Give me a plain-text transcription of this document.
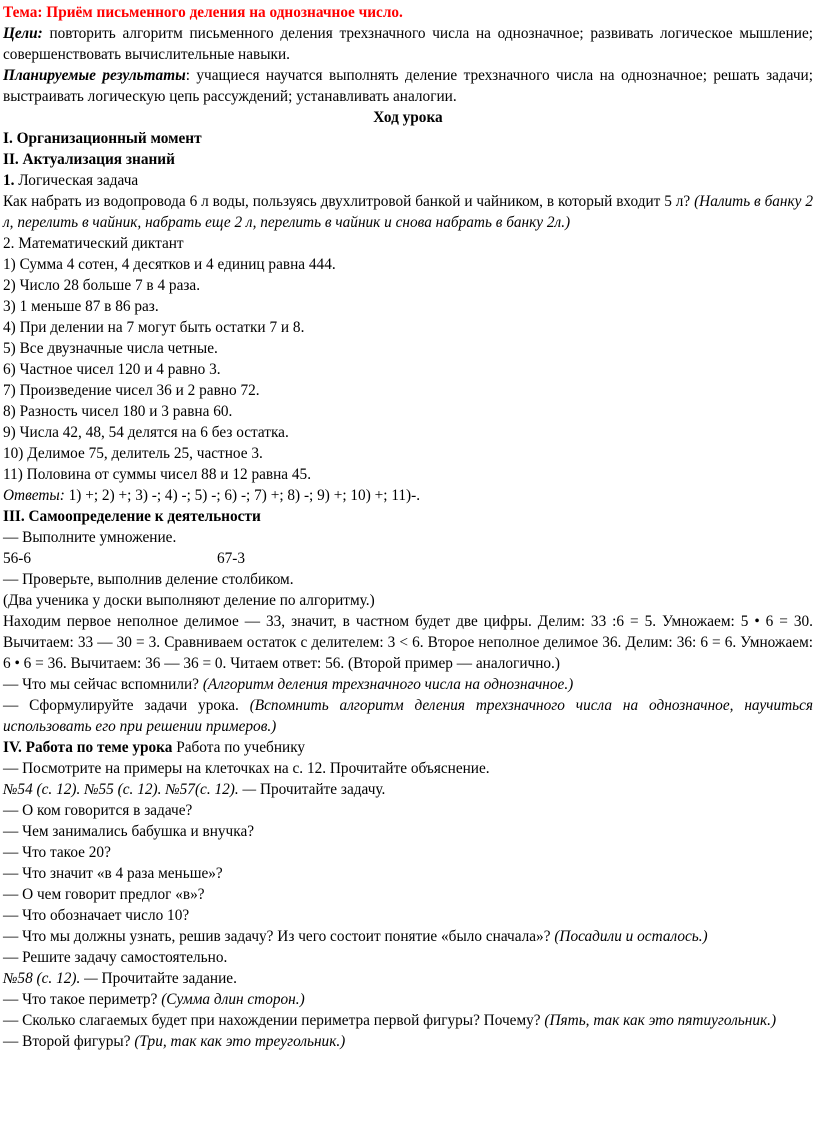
Тема: Приём письменного деления на однозначное число.

Цели: повторить алгоритм письменного деления трехзначного числа на однозначное; развивать логическое мышление; совершенствовать вычислительные навыки.

Планируемые результаты: учащиеся научатся выполнять деление трехзначного числа на однозначное; решать задачи; выстраивать логическую цепь рассуждений; устанавливать аналогии.

Ход урока

I. Организационный момент

II. Актуализация знаний

1. Логическая задача

Как набрать из водопровода 6 л воды, пользуясь двухлитровой банкой и чайником, в который входит 5 л? (Налить в банку 2 л, перелить в чайник, набрать еще 2 л, перелить в чайник и снова набрать в банку 2л.)

2. Математический диктант

1) Сумма 4 сотен, 4 десятков и 4 единиц равна 444.

2) Число 28 больше 7 в 4 раза.

3) 1 меньше 87 в 86 раз.

4) При делении на 7 могут быть остатки 7 и 8.

5) Все двузначные числа четные.

6) Частное чисел 120 и 4 равно 3.

7) Произведение чисел 36 и 2 равно 72.

8) Разность чисел 180 и 3 равна 60.

9) Числа 42, 48, 54 делятся на 6 без остатка.

10) Делимое 75, делитель 25, частное 3.

11) Половина от суммы чисел 88 и 12 равна 45.

Ответы: 1) +; 2) +; 3) -; 4) -; 5) -; 6) -; 7) +; 8) -; 9) +; 10) +; 11)-.

III. Самоопределение к деятельности

— Выполните умножение.

56-6	67-3

— Проверьте, выполнив деление столбиком.

(Два ученика у доски выполняют деление по алгоритму.)

Находим первое неполное делимое — 33, значит, в частном будет две цифры. Делим: 33 :6 = 5. Умножаем: 5 • 6 = 30. Вычитаем: 33 — 30 = 3. Сравниваем остаток с делителем: 3 < 6. Второе неполное делимое 36. Делим: 36: 6 = 6. Умножаем: 6 • 6 = 36. Вычитаем: 36 — 36 = 0. Читаем ответ: 56. (Второй пример — аналогично.)

— Что мы сейчас вспомнили? (Алгоритм деления трехзначного числа на однозначное.)

— Сформулируйте задачи урока. (Вспомнить алгоритм деления трехзначного числа на однозначное, научиться использовать его при решении примеров.)

IV. Работа по теме урока Работа по учебнику

— Посмотрите на примеры на клеточках на с. 12. Прочитайте объяснение.

№54 (с. 12). №55 (с. 12). №57(с. 12). — Прочитайте задачу.

— О ком говорится в задаче?

— Чем занимались бабушка и внучка?

— Что такое 20?

— Что значит «в 4 раза меньше»?

— О чем говорит предлог «в»?

— Что обозначает число 10?

— Что мы должны узнать, решив задачу? Из чего состоит понятие «было сначала»? (Посадили и осталось.)

— Решите задачу самостоятельно.

№58 (с. 12). — Прочитайте задание.

— Что такое периметр? (Сумма длин сторон.)

— Сколько слагаемых будет при нахождении периметра первой фигуры? Почему? (Пять, так как это пятиугольник.)

— Второй фигуры? (Три, так как это треугольник.)
